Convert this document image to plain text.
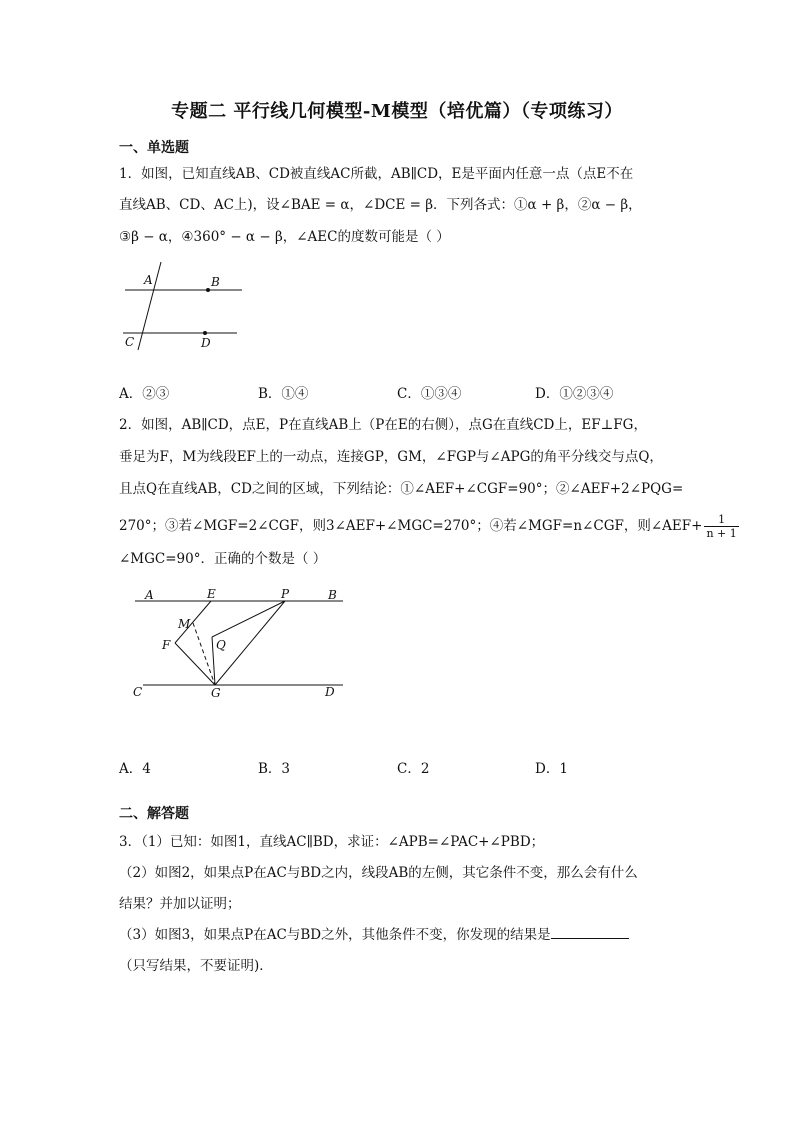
专题二 平行线几何模型-M模型（培优篇）（专项练习）
一、单选题
1．如图，已知直线AB、CD被直线AC所截，AB∥CD，E是平面内任意一点（点E不在
直线AB、CD、AC上)，设∠BAE = α，∠DCE = β．下列各式：①α + β，②α − β，
③β − α，④360° − α − β，∠AEC的度数可能是（ ）
A	B
C	D
A．②③	B．①④	C．①③④	D．①②③④
2．如图，AB∥CD，点E，P在直线AB上（P在E的右侧），点G在直线CD上，EF⊥FG，
垂足为F，M为线段EF上的一动点，连接GP，GM，∠FGP与∠APG的角平分线交与点Q，
且点Q在直线AB，CD之间的区域，下列结论：①∠AEF+∠CGF=90°；②∠AEF+2∠PQG=
270°；③若∠MGF=2∠CGF，则3∠AEF+∠MGC=270°；④若∠MGF=n∠CGF，则∠AEF+ $\frac{1}{n + 1}$
∠MGC=90°．正确的个数是（ ）
A	E	P	B
M
F	Q
C	G	D
A．4	B．3	C．2	D．1
二、解答题
3．（1）已知：如图1，直线AC∥BD，求证：∠APB=∠PAC+∠PBD；
（2）如图2，如果点P在AC与BD之内，线段AB的左侧，其它条件不变，那么会有什么
结果？并加以证明；
（3）如图3，如果点P在AC与BD之外，其他条件不变，你发现的结果是
（只写结果，不要证明)．
